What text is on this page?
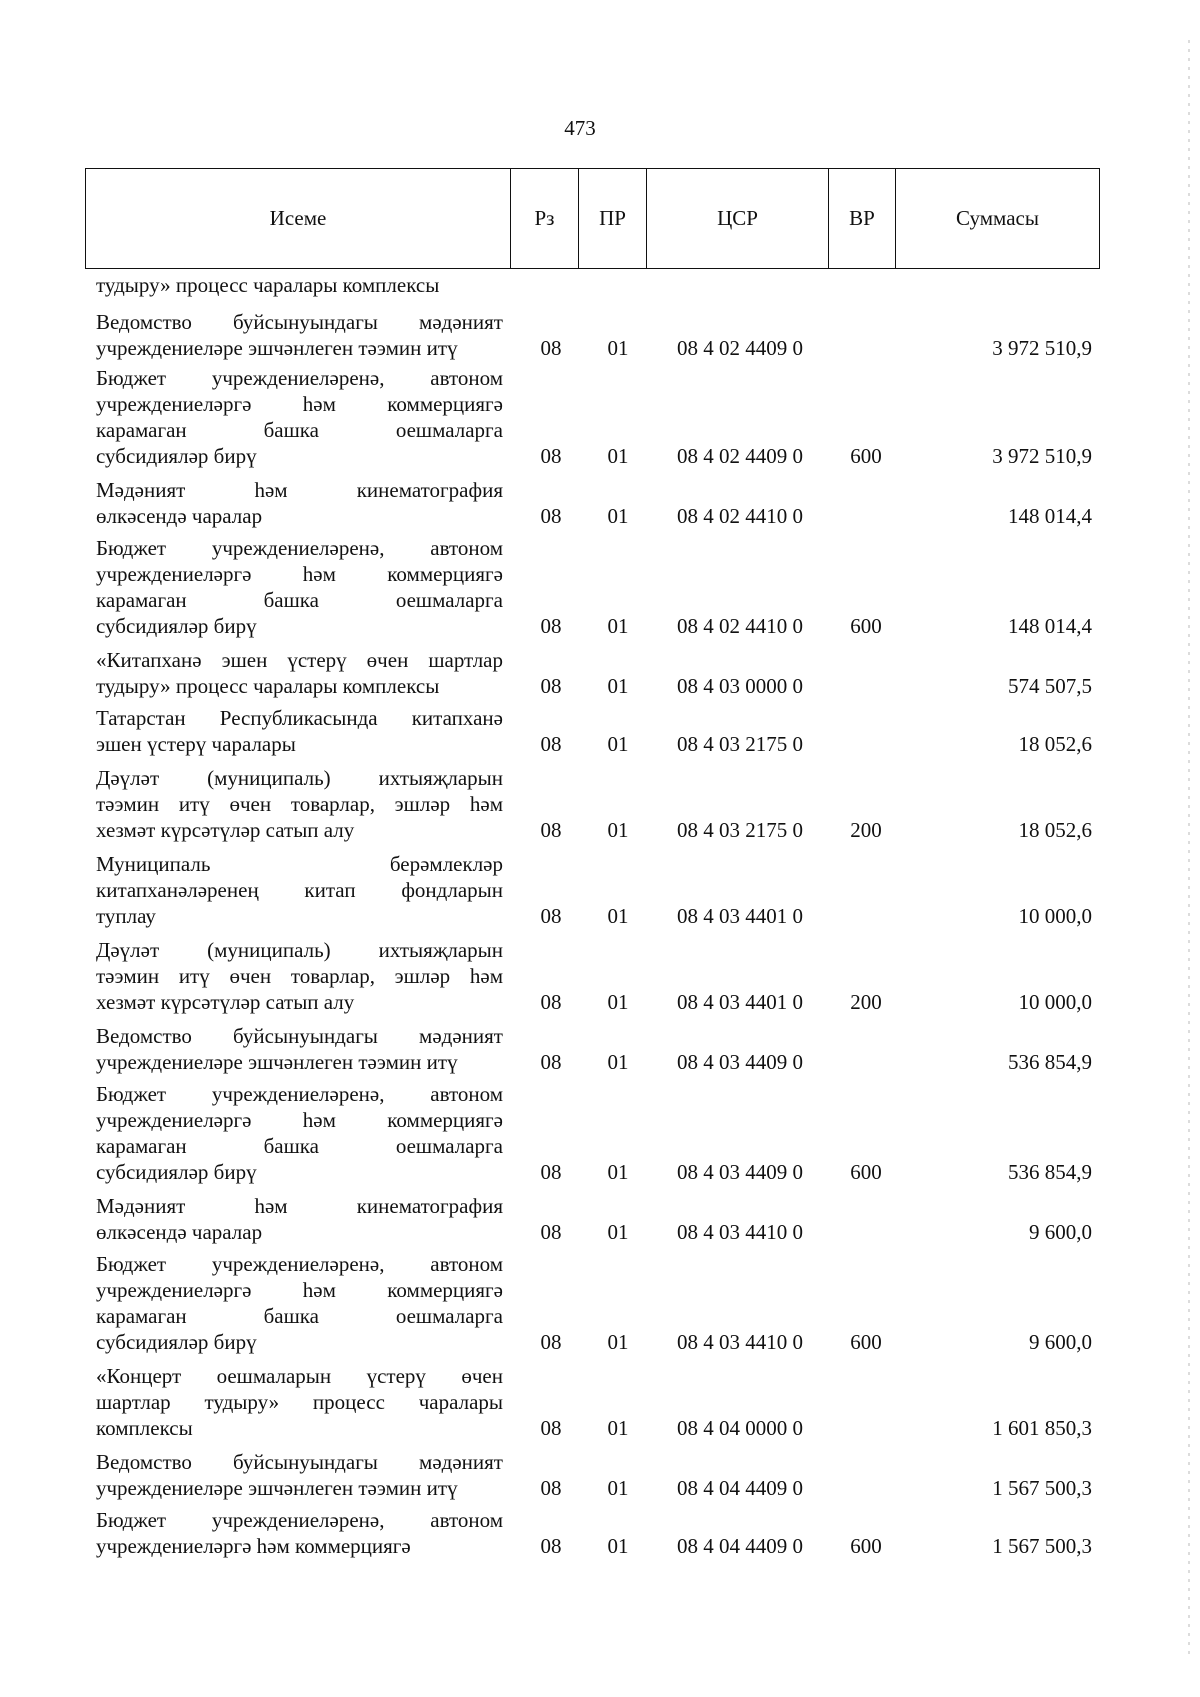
473
Исеме	Рз	ПР	ЦСР	ВР	Суммасы
тудыру» процесс чаралары комплексы
Ведомство буйсынуындагы мәдәният
учреждениеләре эшчәнлеген тәэмин итү	08 01	08 4 02 4409 0	3 972 510,9
Бюджет учреждениеләренә, автоном
учреждениеләргә һәм коммерциягә
карамаган башка оешмаларга
субсидияләр бирү	08 01	08 4 02 4409 0	600	3 972 510,9
Мәдәният һәм кинематография
өлкәсендә чаралар	08 01	08 4 02 4410 0	148 014,4
Бюджет учреждениеләренә, автоном
учреждениеләргә һәм коммерциягә
карамаган башка оешмаларга
субсидияләр бирү	08 01	08 4 02 4410 0	600	148 014,4
«Китапханә эшен үстерү өчен шартлар
тудыру» процесс чаралары комплексы	08 01	08 4 03 0000 0	574 507,5
Татарстан Республикасында китапханә
эшен үстерү чаралары	08 01	08 4 03 2175 0	18 052,6
Дәүләт (муниципаль) ихтыяҗларын
тәэмин итү өчен товарлар, эшләр һәм
хезмәт күрсәтүләр сатып алу	08 01	08 4 03 2175 0	200	18 052,6
Муниципаль берәмлекләр
китапханәләренең китап фондларын
туплау	08 01	08 4 03 4401 0	10 000,0
Дәүләт (муниципаль) ихтыяҗларын
тәэмин итү өчен товарлар, эшләр һәм
хезмәт күрсәтүләр сатып алу	08 01	08 4 03 4401 0	200	10 000,0
Ведомство буйсынуындагы мәдәният
учреждениеләре эшчәнлеген тәэмин итү	08 01	08 4 03 4409 0	536 854,9
Бюджет учреждениеләренә, автоном
учреждениеләргә һәм коммерциягә
карамаган башка оешмаларга
субсидияләр бирү	08 01	08 4 03 4409 0	600	536 854,9
Мәдәният һәм кинематография
өлкәсендә чаралар	08 01	08 4 03 4410 0	9 600,0
Бюджет учреждениеләренә, автоном
учреждениеләргә һәм коммерциягә
карамаган башка оешмаларга
субсидияләр бирү	08 01	08 4 03 4410 0	600	9 600,0
«Концерт оешмаларын үстерү өчен
шартлар тудыру» процесс чаралары
комплексы	08 01	08 4 04 0000 0	1 601 850,3
Ведомство буйсынуындагы мәдәният
учреждениеләре эшчәнлеген тәэмин итү	08 01	08 4 04 4409 0	1 567 500,3
Бюджет учреждениеләренә, автоном
учреждениеләргә һәм коммерциягә	08 01	08 4 04 4409 0	600	1 567 500,3
